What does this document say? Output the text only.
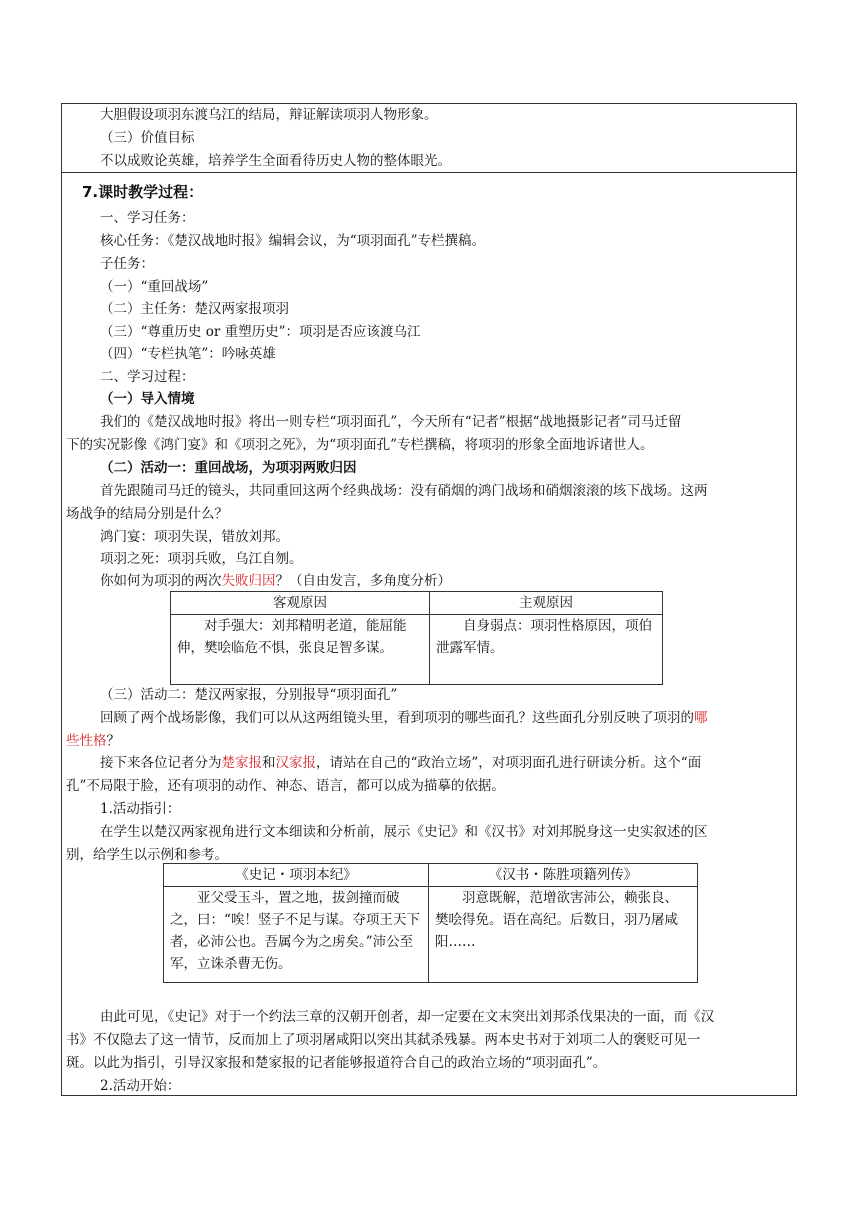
大胆假设项羽东渡乌江的结局，辩证解读项羽人物形象。
（三）价值目标
不以成败论英雄，培养学生全面看待历史人物的整体眼光。
7.课时教学过程：
一、学习任务：
核心任务：《楚汉战地时报》编辑会议，为“项羽面孔”专栏撰稿。
子任务：
（一）“重回战场”
（二）主任务：楚汉两家报项羽
（三）“尊重历史 or 重塑历史”：项羽是否应该渡乌江
（四）“专栏执笔”：吟咏英雄
二、学习过程：
（一）导入情境
我们的《楚汉战地时报》将出一则专栏“项羽面孔”，今天所有“记者”根据“战地摄影记者”司马迁留
下的实况影像《鸿门宴》和《项羽之死》，为“项羽面孔”专栏撰稿，将项羽的形象全面地诉诸世人。
（二）活动一：重回战场，为项羽两败归因
首先跟随司马迁的镜头，共同重回这两个经典战场：没有硝烟的鸿门战场和硝烟滚滚的垓下战场。这两
场战争的结局分别是什么？
鸿门宴：项羽失误，错放刘邦。
项羽之死：项羽兵败，乌江自刎。
你如何为项羽的两次失败归因？（自由发言，多角度分析）
客观原因	主观原因

对手强大：刘邦精明老道，能屈能伸，樊哙临危不惧，张良足智多谋。	自身弱点：项羽性格原因，项伯泄露军情。

（三）活动二：楚汉两家报，分别报导“项羽面孔”
回顾了两个战场影像，我们可以从这两组镜头里，看到项羽的哪些面孔？这些面孔分别反映了项羽的哪
些性格？
接下来各位记者分为楚家报和汉家报，请站在自己的“政治立场”，对项羽面孔进行研读分析。这个“面
孔”不局限于脸，还有项羽的动作、神态、语言，都可以成为描摹的依据。
1.活动指引：
在学生以楚汉两家视角进行文本细读和分析前，展示《史记》和《汉书》对刘邦脱身这一史实叙述的区
别，给学生以示例和参考。
《史记・项羽本纪》	《汉书・陈胜项籍列传》

亚父受玉斗，置之地，拔剑撞而破之，曰：“唉！竖子不足与谋。夺项王天下者，必沛公也。吾属今为之虏矣。”沛公至军，立诛杀曹无伤。	羽意既解，范增欲害沛公，赖张良、樊哙得免。语在高纪。后数日，羽乃屠咸阳……

由此可见，《史记》对于一个约法三章的汉朝开创者，却一定要在文末突出刘邦杀伐果决的一面，而《汉
书》不仅隐去了这一情节，反而加上了项羽屠咸阳以突出其弑杀残暴。两本史书对于刘项二人的褒贬可见一
斑。以此为指引，引导汉家报和楚家报的记者能够报道符合自己的政治立场的“项羽面孔”。
2.活动开始：
